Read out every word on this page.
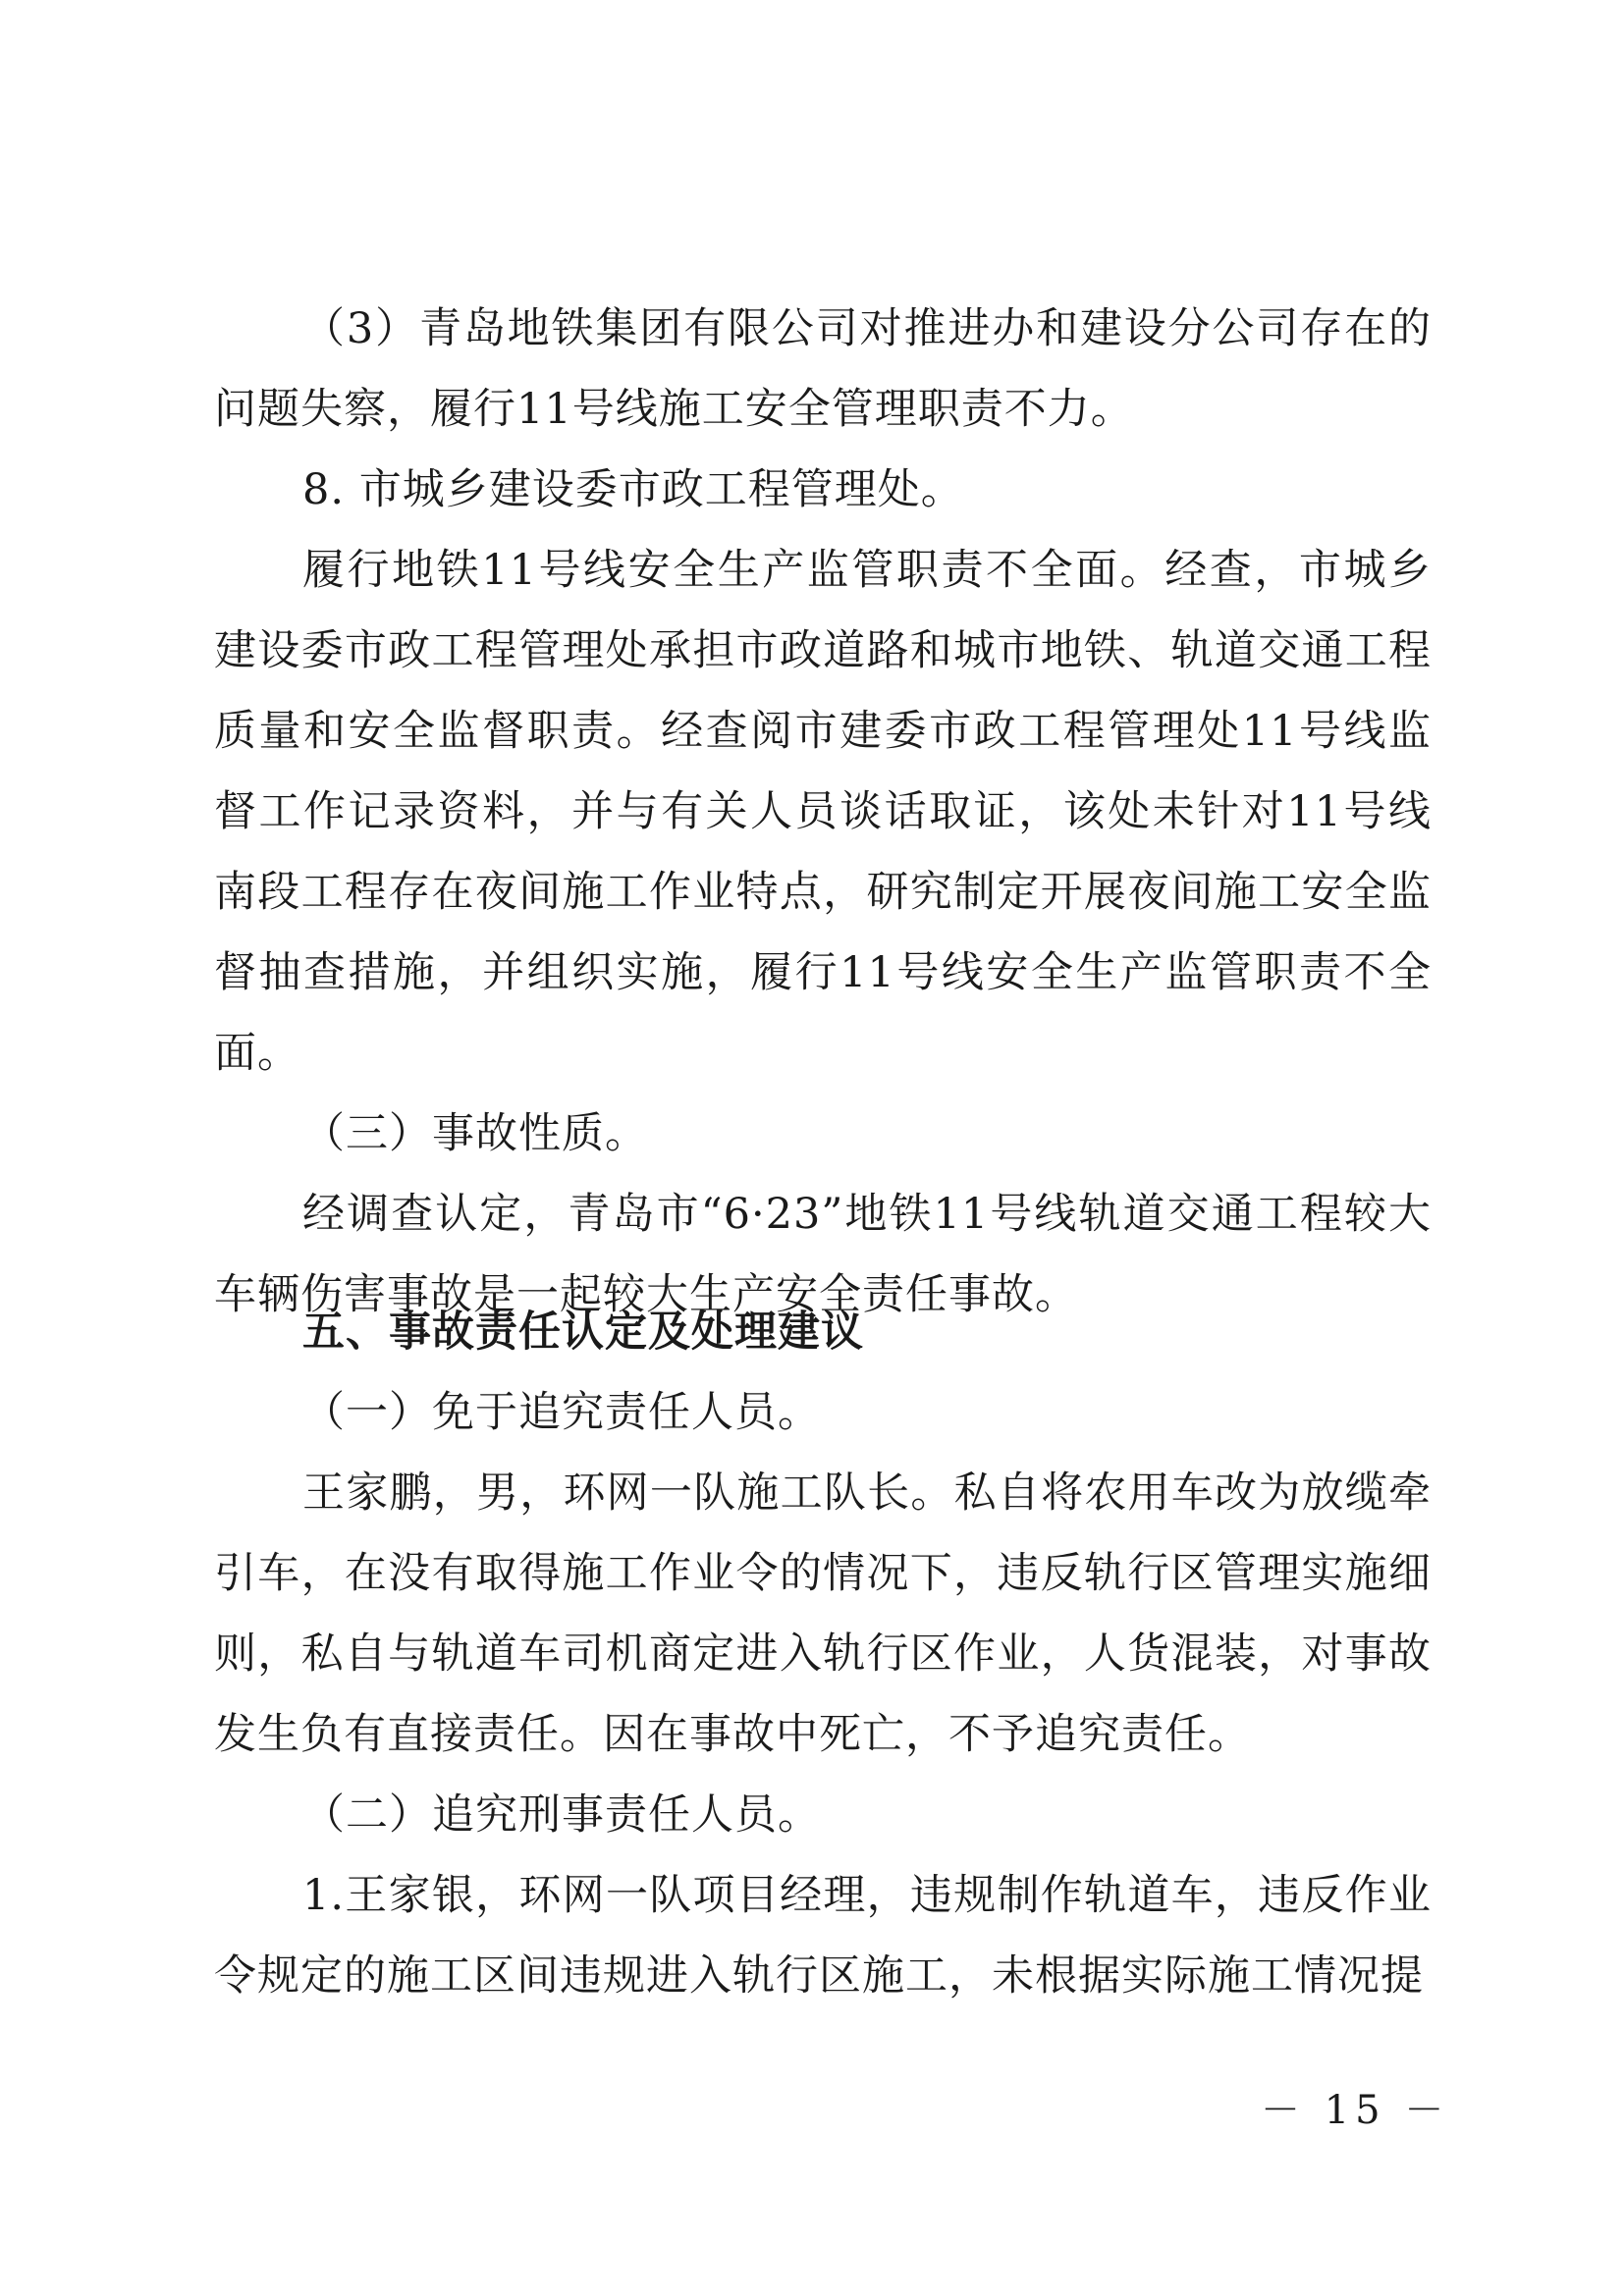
（3）青岛地铁集团有限公司对推进办和建设分公司存在的问题失察，履行11号线施工安全管理职责不力。
8. 市城乡建设委市政工程管理处。
履行地铁11号线安全生产监管职责不全面。经查，市城乡建设委市政工程管理处承担市政道路和城市地铁、轨道交通工程质量和安全监督职责。经查阅市建委市政工程管理处11号线监督工作记录资料，并与有关人员谈话取证，该处未针对11号线南段工程存在夜间施工作业特点，研究制定开展夜间施工安全监督抽查措施，并组织实施，履行11号线安全生产监管职责不全面。
（三）事故性质。
经调查认定，青岛市“6·23”地铁11号线轨道交通工程较大车辆伤害事故是一起较大生产安全责任事故。
五、事故责任认定及处理建议
（一）免于追究责任人员。
王家鹏，男，环网一队施工队长。私自将农用车改为放缆牵引车，在没有取得施工作业令的情况下，违反轨行区管理实施细则，私自与轨道车司机商定进入轨行区作业，人货混装，对事故发生负有直接责任。因在事故中死亡，不予追究责任。
（二）追究刑事责任人员。
1.王家银，环网一队项目经理，违规制作轨道车，违反作业令规定的施工区间违规进入轨行区施工，未根据实际施工情况提
－ 15 －
